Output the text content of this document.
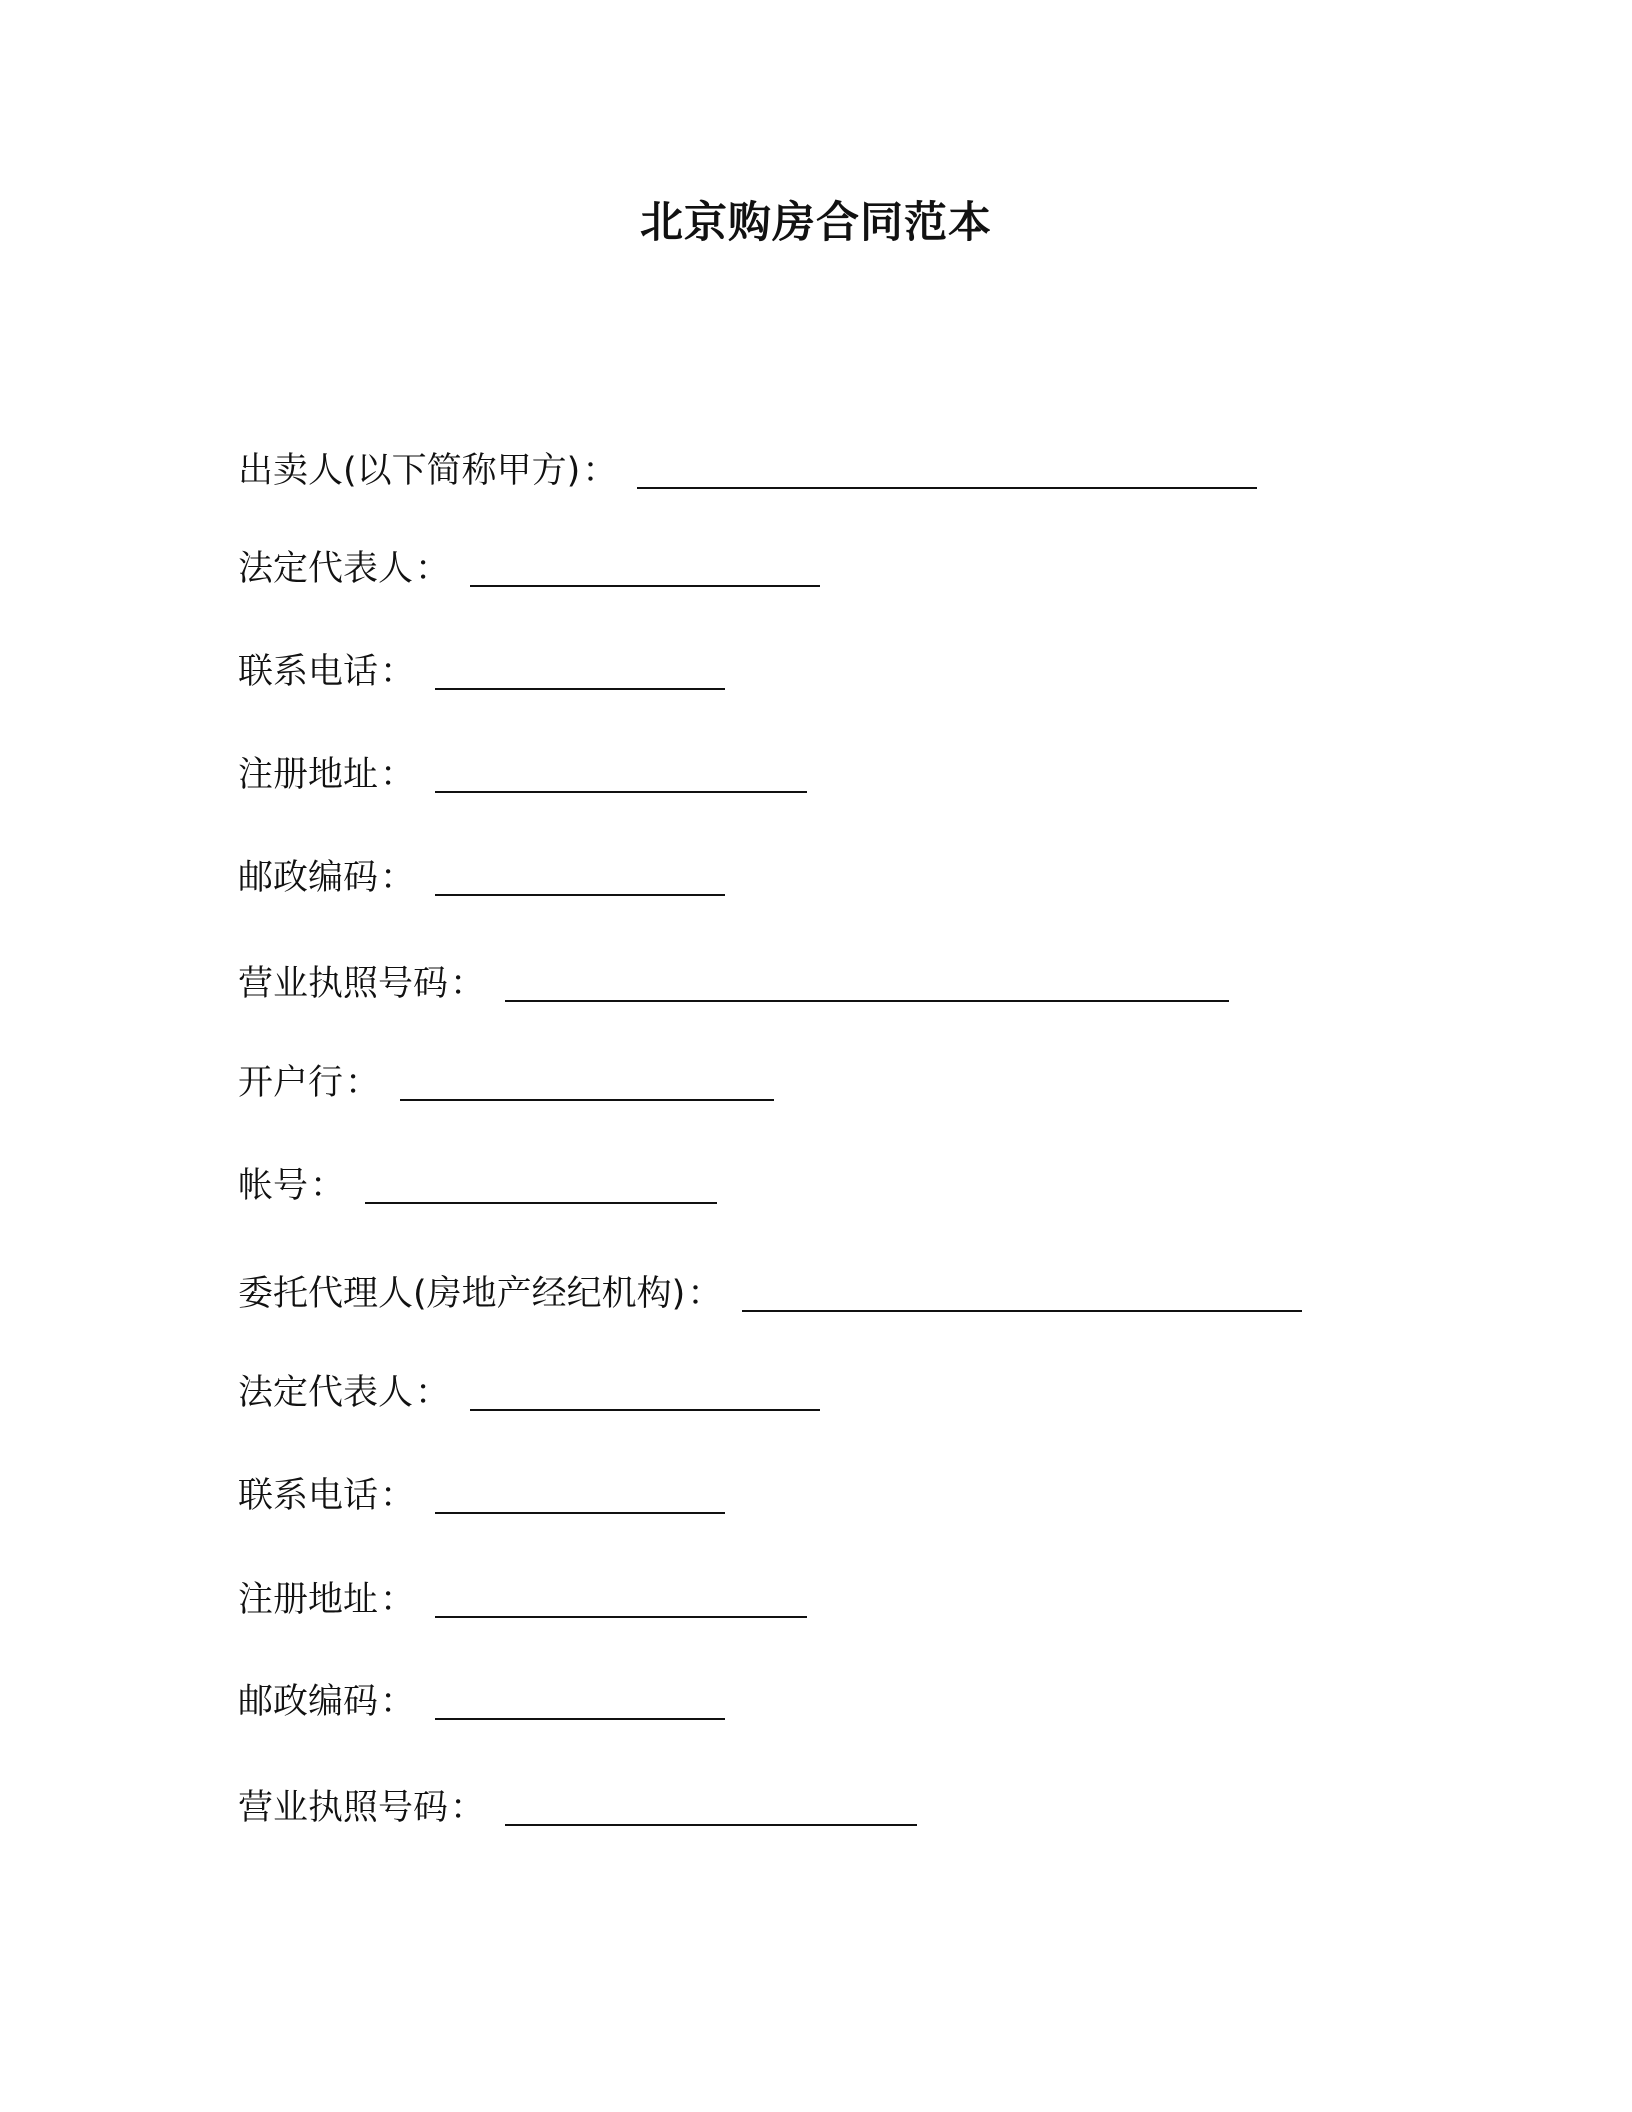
北京购房合同范本
出卖人(以下简称甲方) ：
法定代表人 ：
联系电话 ：
注册地址 ：
邮政编码 ：
营业执照号码 ：
开户行 ：
帐号 ：
委托代理人(房地产经纪机构) ：
法定代表人 ：
联系电话 ：
注册地址 ：
邮政编码 ：
营业执照号码 ：
